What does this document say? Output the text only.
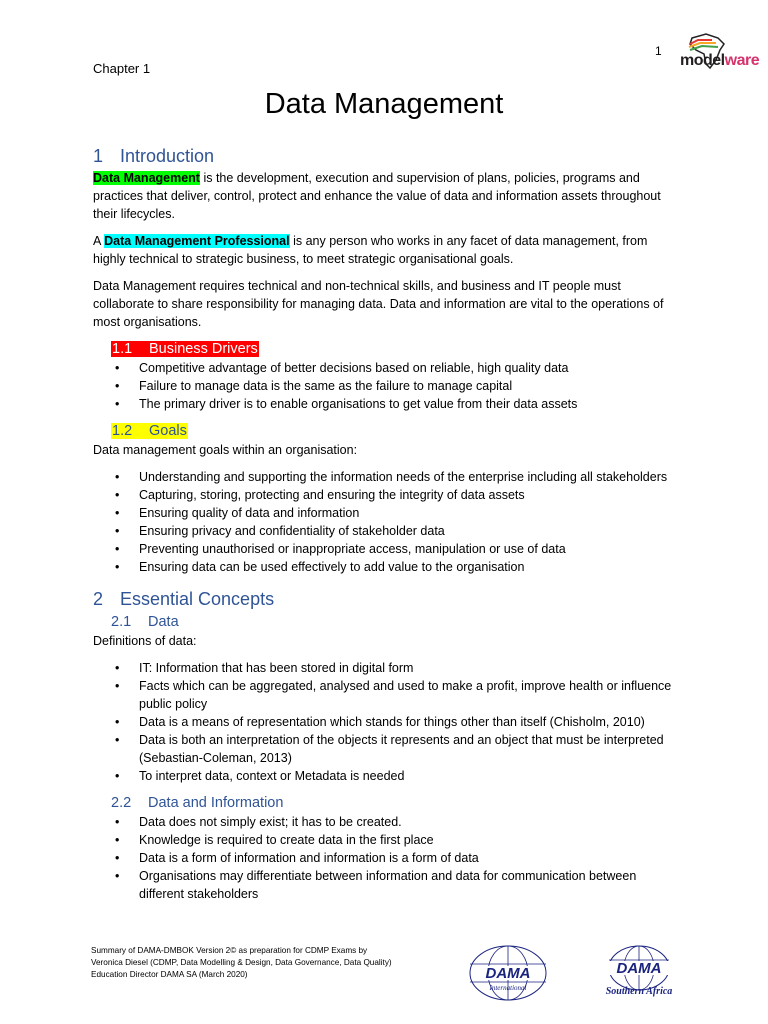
Chapter 1
1
modelware
Data Management
1 Introduction

Data Management is the development, execution and supervision of plans, policies, programs and practices that deliver, control, protect and enhance the value of data and information assets throughout their lifecycles.

A Data Management Professional is any person who works in any facet of data management, from highly technical to strategic business, to meet strategic organisational goals.

Data Management requires technical and non-technical skills, and business and IT people must collaborate to share responsibility for managing data. Data and information are vital to the operations of most organisations.

1.1 Business Drivers
• Competitive advantage of better decisions based on reliable, high quality data
• Failure to manage data is the same as the failure to manage capital
• The primary driver is to enable organisations to get value from their data assets
1.2 Goals

Data management goals within an organisation:

• Understanding and supporting the information needs of the enterprise including all stakeholders
• Capturing, storing, protecting and ensuring the integrity of data assets
• Ensuring quality of data and information
• Ensuring privacy and confidentiality of stakeholder data
• Preventing unauthorised or inappropriate access, manipulation or use of data
• Ensuring data can be used effectively to add value to the organisation
2 Essential Concepts
2.1 Data

Definitions of data:

• IT: Information that has been stored in digital form
• Facts which can be aggregated, analysed and used to make a profit, improve health or influence public policy
• Data is a means of representation which stands for things other than itself (Chisholm, 2010)
• Data is both an interpretation of the objects it represents and an object that must be interpreted (Sebastian-Coleman, 2013)
• To interpret data, context or Metadata is needed
2.2 Data and Information
• Data does not simply exist; it has to be created.
• Knowledge is required to create data in the first place
• Data is a form of information and information is a form of data
• Organisations may differentiate between information and data for communication between different stakeholders
Summary of DAMA-DMBOK Version 2© as preparation for CDMP Exams by
Veronica Diesel (CDMP, Data Modelling & Design, Data Governance, Data Quality)
Education Director DAMA SA (March 2020)	DAMA
International
DAMA
Southern Africa
